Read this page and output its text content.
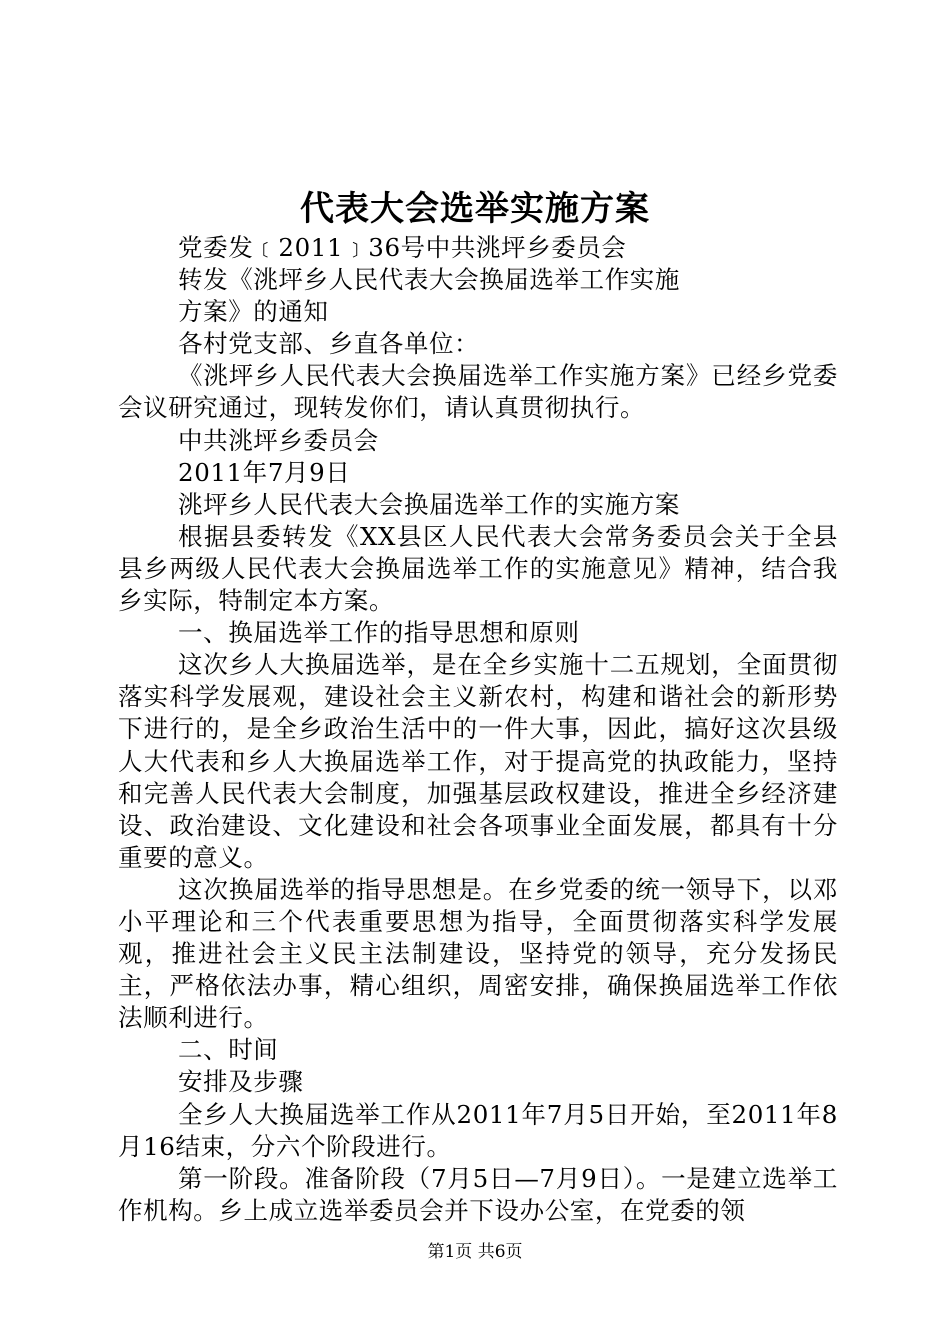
代表大会选举实施方案

党委发﹝2011﹞36号中共洮坪乡委员会

转发《洮坪乡人民代表大会换届选举工作实施

方案》的通知

各村党支部、乡直各单位：

《洮坪乡人民代表大会换届选举工作实施方案》已经乡党委会议研究通过，现转发你们，请认真贯彻执行。

中共洮坪乡委员会

2011年7月9日

洮坪乡人民代表大会换届选举工作的实施方案

根据县委转发《XX县区人民代表大会常务委员会关于全县县乡两级人民代表大会换届选举工作的实施意见》精神，结合我乡实际，特制定本方案。

一、换届选举工作的指导思想和原则

这次乡人大换届选举，是在全乡实施十二五规划，全面贯彻落实科学发展观，建设社会主义新农村，构建和谐社会的新形势下进行的，是全乡政治生活中的一件大事，因此，搞好这次县级人大代表和乡人大换届选举工作，对于提高党的执政能力，坚持和完善人民代表大会制度，加强基层政权建设，推进全乡经济建设、政治建设、文化建设和社会各项事业全面发展，都具有十分重要的意义。

这次换届选举的指导思想是。在乡党委的统一领导下，以邓小平理论和三个代表重要思想为指导，全面贯彻落实科学发展观，推进社会主义民主法制建设，坚持党的领导，充分发扬民主，严格依法办事，精心组织，周密安排，确保换届选举工作依法顺利进行。

二、时间

安排及步骤

全乡人大换届选举工作从2011年7月5日开始，至2011年8月16结束，分六个阶段进行。

第一阶段。准备阶段（7月5日—7月9日）。一是建立选举工作机构。乡上成立选举委员会并下设办公室，在党委的领

第1页 共6页
